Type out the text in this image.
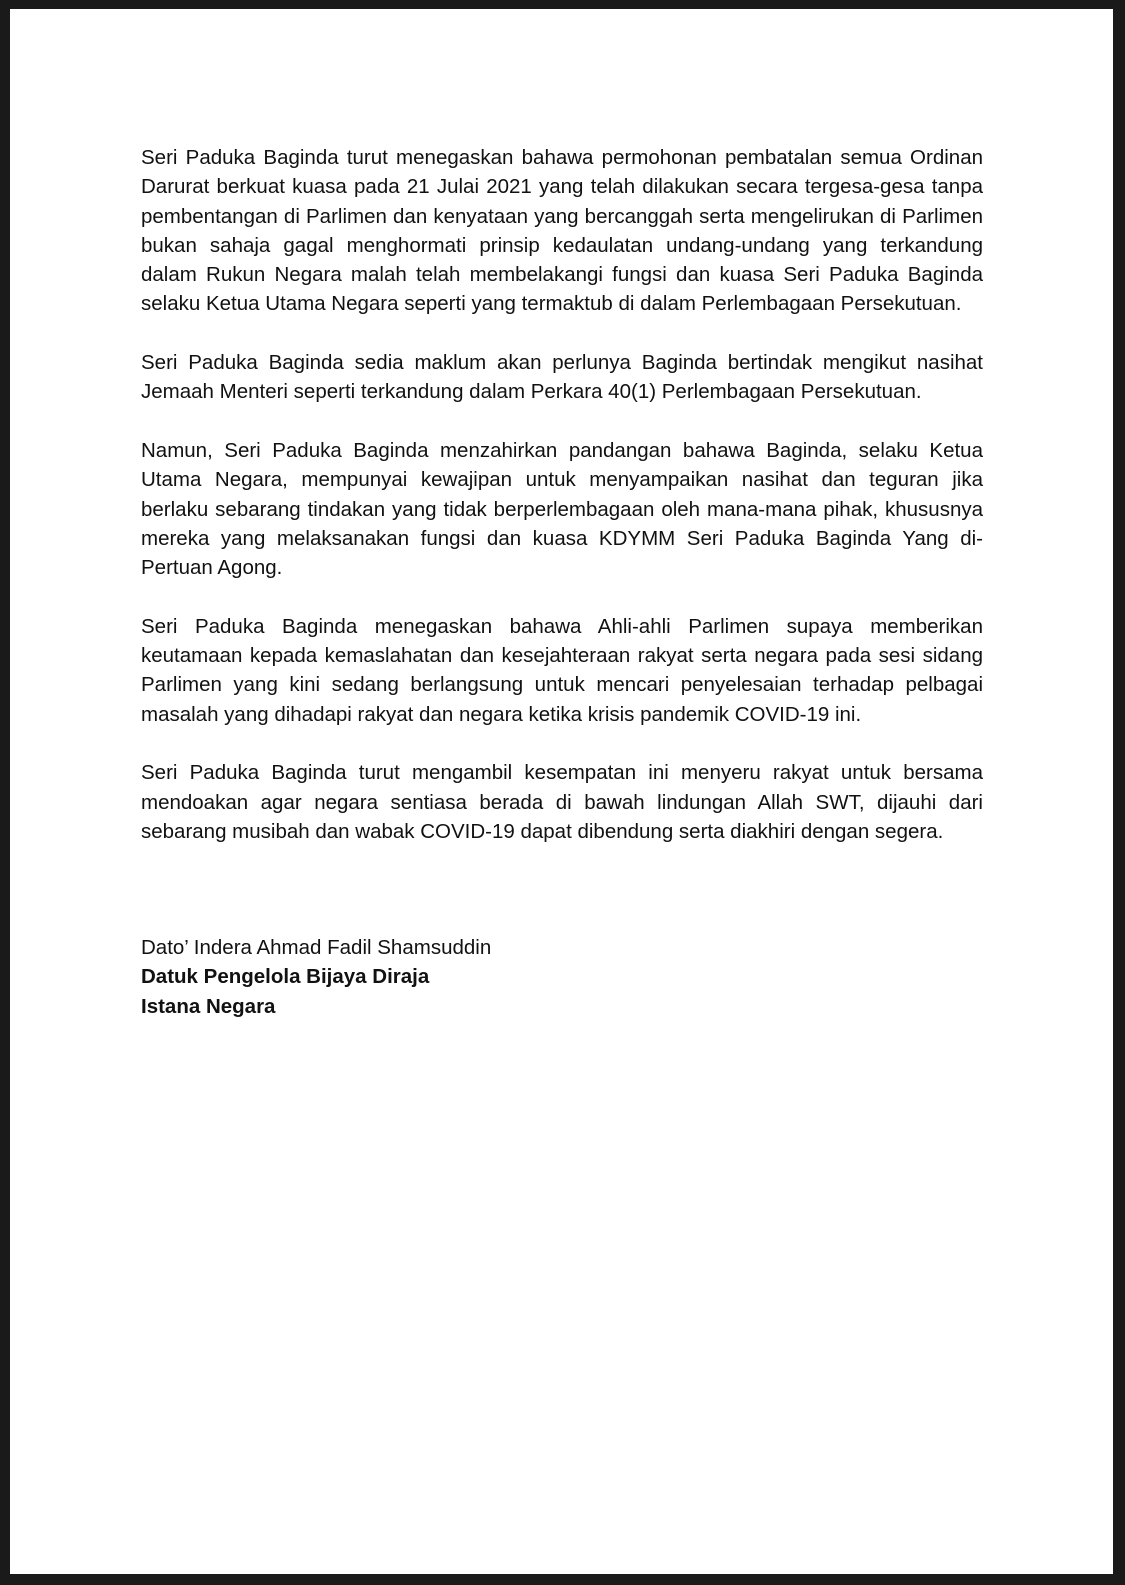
Seri Paduka Baginda turut menegaskan bahawa permohonan pembatalan semua Ordinan Darurat berkuat kuasa pada 21 Julai 2021 yang telah dilakukan secara tergesa-gesa tanpa pembentangan di Parlimen dan kenyataan yang bercanggah serta mengelirukan di Parlimen bukan sahaja gagal menghormati prinsip kedaulatan undang-undang yang terkandung dalam Rukun Negara malah telah membelakangi fungsi dan kuasa Seri Paduka Baginda selaku Ketua Utama Negara seperti yang termaktub di dalam Perlembagaan Persekutuan.

Seri Paduka Baginda sedia maklum akan perlunya Baginda bertindak mengikut nasihat Jemaah Menteri seperti terkandung dalam Perkara 40(1) Perlembagaan Persekutuan.

Namun, Seri Paduka Baginda menzahirkan pandangan bahawa Baginda, selaku Ketua Utama Negara, mempunyai kewajipan untuk menyampaikan nasihat dan teguran jika berlaku sebarang tindakan yang tidak berperlembagaan oleh mana-mana pihak, khususnya mereka yang melaksanakan fungsi dan kuasa KDYMM Seri Paduka Baginda Yang di-Pertuan Agong.

Seri Paduka Baginda menegaskan bahawa Ahli-ahli Parlimen supaya memberikan keutamaan kepada kemaslahatan dan kesejahteraan rakyat serta negara pada sesi sidang Parlimen yang kini sedang berlangsung untuk mencari penyelesaian terhadap pelbagai masalah yang dihadapi rakyat dan negara ketika krisis pandemik COVID-19 ini.

Seri Paduka Baginda turut mengambil kesempatan ini menyeru rakyat untuk bersama mendoakan agar negara sentiasa berada di bawah lindungan Allah SWT, dijauhi dari sebarang musibah dan wabak COVID-19 dapat dibendung serta diakhiri dengan segera.

Dato’ Indera Ahmad Fadil Shamsuddin

Datuk Pengelola Bijaya Diraja

Istana Negara
